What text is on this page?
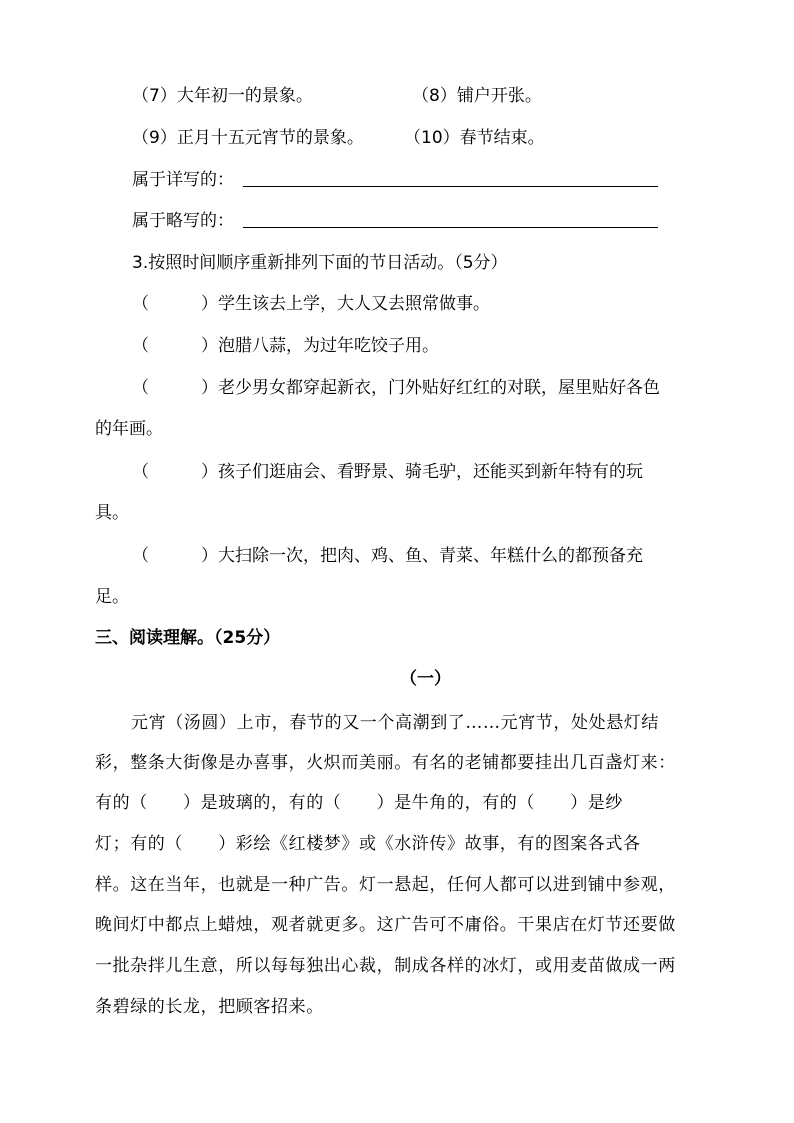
（7）大年初一的景象。	（8）铺户开张。
（9）正月十五元宵节的景象。 （10）春节结束。
属于详写的：
属于略写的：
3.按照时间顺序重新排列下面的节日活动。（5分）
（	）学生该去上学，大人又去照常做事。
（	）泡腊八蒜，为过年吃饺子用。
（	）老少男女都穿起新衣，门外贴好红红的对联，屋里贴好各色
的年画。
（	）孩子们逛庙会、看野景、骑毛驴，还能买到新年特有的玩
具。
（	）大扫除一次，把肉、鸡、鱼、青菜、年糕什么的都预备充
足。
三、阅读理解。（25分）
（一）
元宵（汤圆）上市，春节的又一个高潮到了……元宵节，处处悬灯结
彩，整条大街像是办喜事，火炽而美丽。有名的老铺都要挂出几百盏灯来：
有的（　　）是玻璃的，有的（　　）是牛角的，有的（　　）是纱
灯；有的（　　）彩绘《红楼梦》或《水浒传》故事，有的图案各式各
样。这在当年，也就是一种广告。灯一悬起，任何人都可以进到铺中参观，
晚间灯中都点上蜡烛，观者就更多。这广告可不庸俗。干果店在灯节还要做
一批杂拌儿生意，所以每每独出心裁，制成各样的冰灯，或用麦苗做成一两
条碧绿的长龙，把顾客招来。
